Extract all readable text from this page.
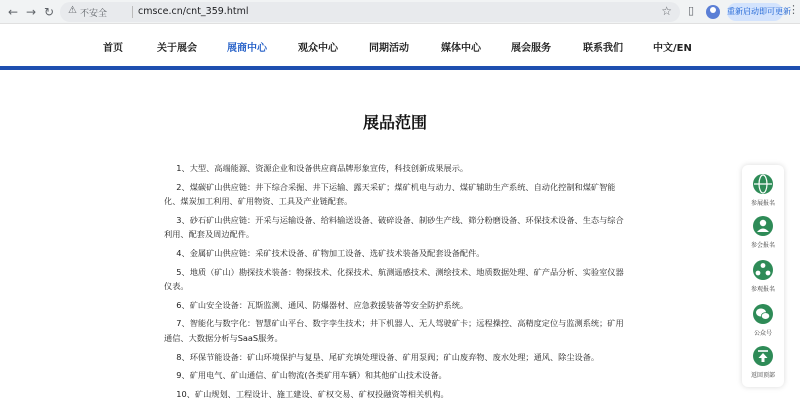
← → ↻	⚠ 不安全	cmsce.cn/cnt_359.html	☆ ▯	重新启动即可更新
⋮
首页	关于展会	展商中心	观众中心	同期活动	媒体中心	展会服务	联系我们	中文/EN
展品范围

1、大型、高端能源、资源企业和设备供应商品牌形象宣传，科技创新成果展示。

2、煤碳矿山供应链：井下综合采掘、井下运输、露天采矿；煤矿机电与动力、煤矿辅助生产系统、自动化控制和煤矿智能化、煤炭加工利用、矿用物资、工具及产业链配套。

3、砂石矿山供应链：开采与运输设备、给料输送设备、破碎设备、制砂生产线、筛分粉磨设备、环保技术设备、生态与综合利用、配套及周边配件。

4、金属矿山供应链：采矿技术设备、矿物加工设备、选矿技术装备及配套设备配件。

5、地质（矿山）勘探技术装备：物探技术、化探技术、航测遥感技术、测绘技术、地质数据处理、矿产品分析、实验室仪器仪表。

6、矿山安全设备：瓦斯监测、通风、防爆器材、应急救援装备等安全防护系统。

7、智能化与数字化：智慧矿山平台、数字孪生技术；井下机器人、无人驾驶矿卡；远程操控、高精度定位与监测系统；矿用通信、大数据分析与SaaS服务。

8、环保节能设备：矿山环境保护与复垦、尾矿充填处理设备、矿用泵阀；矿山废弃物、废水处理；通风、除尘设备。

9、矿用电气、矿山通信、矿山物流(各类矿用车辆）和其他矿山技术设备。

10、矿山规划、工程设计、施工建设、矿权交易、矿权投融资等相关机构。

参展报名
参会报名
参观报名
公众号
返回顶部
